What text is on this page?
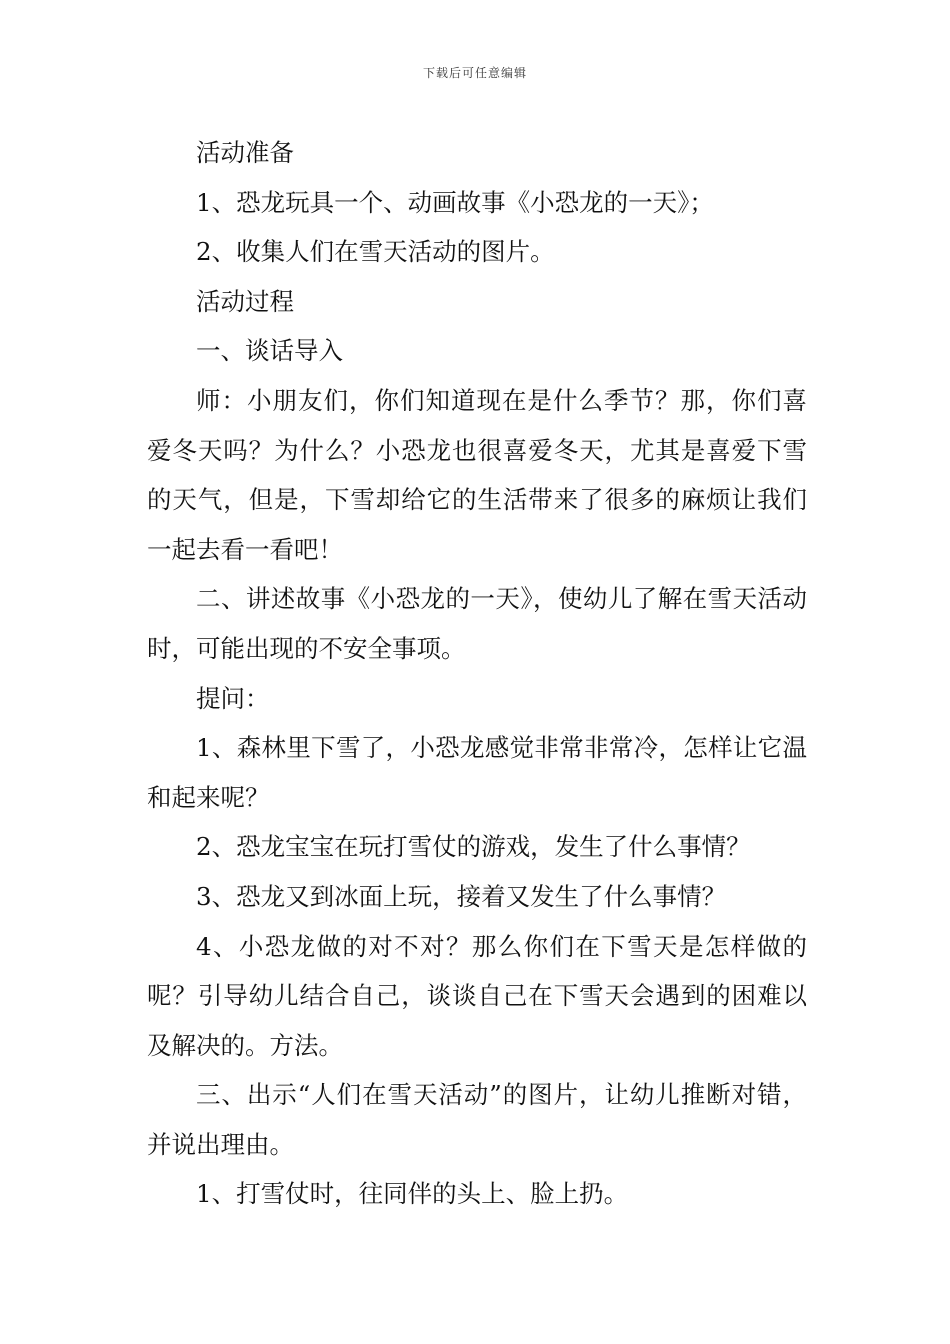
下载后可任意编辑

活动准备

1、恐龙玩具一个、动画故事《小恐龙的一天》；

2、收集人们在雪天活动的图片。

活动过程

一、谈话导入

师：小朋友们，你们知道现在是什么季节？那，你们喜爱冬天吗？为什么？小恐龙也很喜爱冬天，尤其是喜爱下雪的天气，但是，下雪却给它的生活带来了很多的麻烦让我们一起去看一看吧！

二、讲述故事《小恐龙的一天》，使幼儿了解在雪天活动时，可能出现的不安全事项。

提问：

1、森林里下雪了，小恐龙感觉非常非常冷，怎样让它温和起来呢？

2、恐龙宝宝在玩打雪仗的游戏，发生了什么事情？

3、恐龙又到冰面上玩，接着又发生了什么事情？

4、小恐龙做的对不对？那么你们在下雪天是怎样做的呢？引导幼儿结合自己，谈谈自己在下雪天会遇到的困难以及解决的。方法。

三、出示“人们在雪天活动”的图片，让幼儿推断对错，并说出理由。

1、打雪仗时，往同伴的头上、脸上扔。
